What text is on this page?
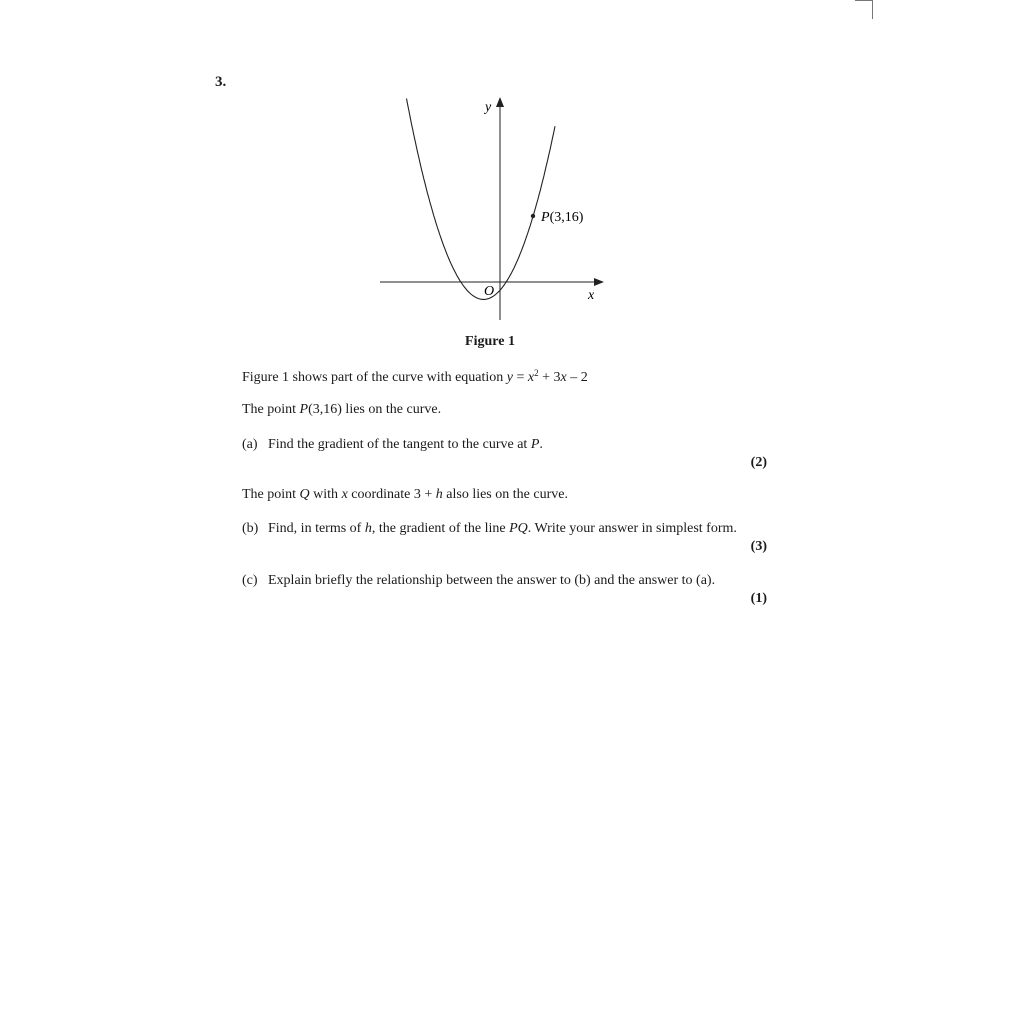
3.
P(3,16)
y
x
O
Figure 1
Figure 1 shows part of the curve with equation $y = x^2 + 3x - 2$
The point P(3,16) lies on the curve.
(a) Find the gradient of the tangent to the curve at P.
(2)
The point Q with x coordinate 3 + h also lies on the curve.
(b) Find, in terms of h, the gradient of the line PQ. Write your answer in simplest form.
(3)
(c) Explain briefly the relationship between the answer to (b) and the answer to (a).
(1)
